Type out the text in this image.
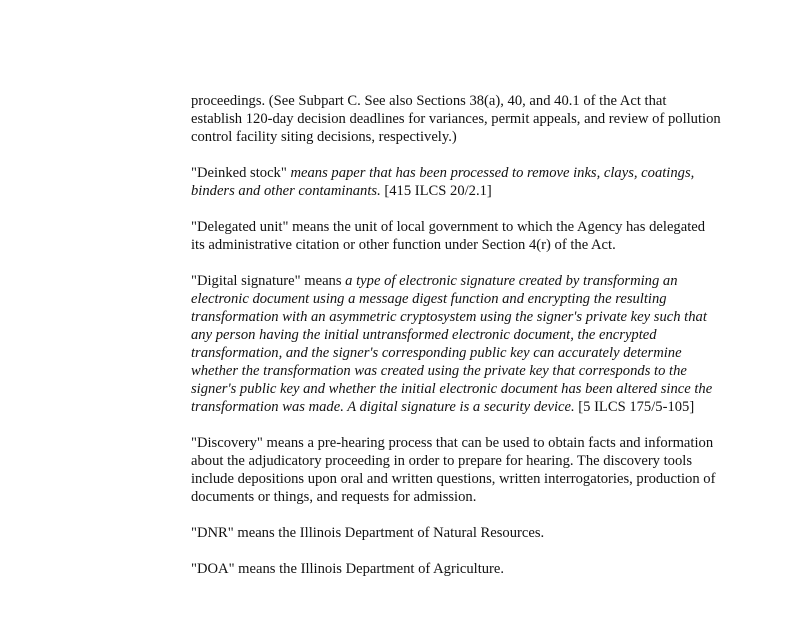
proceedings. (See Subpart C. See also Sections 38(a), 40, and 40.1 of the Act that establish 120-day decision deadlines for variances, permit appeals, and review of pollution control facility siting decisions, respectively.)

"Deinked stock" means paper that has been processed to remove inks, clays, coatings, binders and other contaminants. [415 ILCS 20/2.1]

"Delegated unit" means the unit of local government to which the Agency has delegated its administrative citation or other function under Section 4(r) of the Act.

"Digital signature" means a type of electronic signature created by transforming an electronic document using a message digest function and encrypting the resulting transformation with an asymmetric cryptosystem using the signer's private key such that any person having the initial untransformed electronic document, the encrypted transformation, and the signer's corresponding public key can accurately determine whether the transformation was created using the private key that corresponds to the signer's public key and whether the initial electronic document has been altered since the transformation was made. A digital signature is a security device. [5 ILCS 175/5-105]

"Discovery" means a pre-hearing process that can be used to obtain facts and information about the adjudicatory proceeding in order to prepare for hearing. The discovery tools include depositions upon oral and written questions, written interrogatories, production of documents or things, and requests for admission.

"DNR" means the Illinois Department of Natural Resources.

"DOA" means the Illinois Department of Agriculture.
